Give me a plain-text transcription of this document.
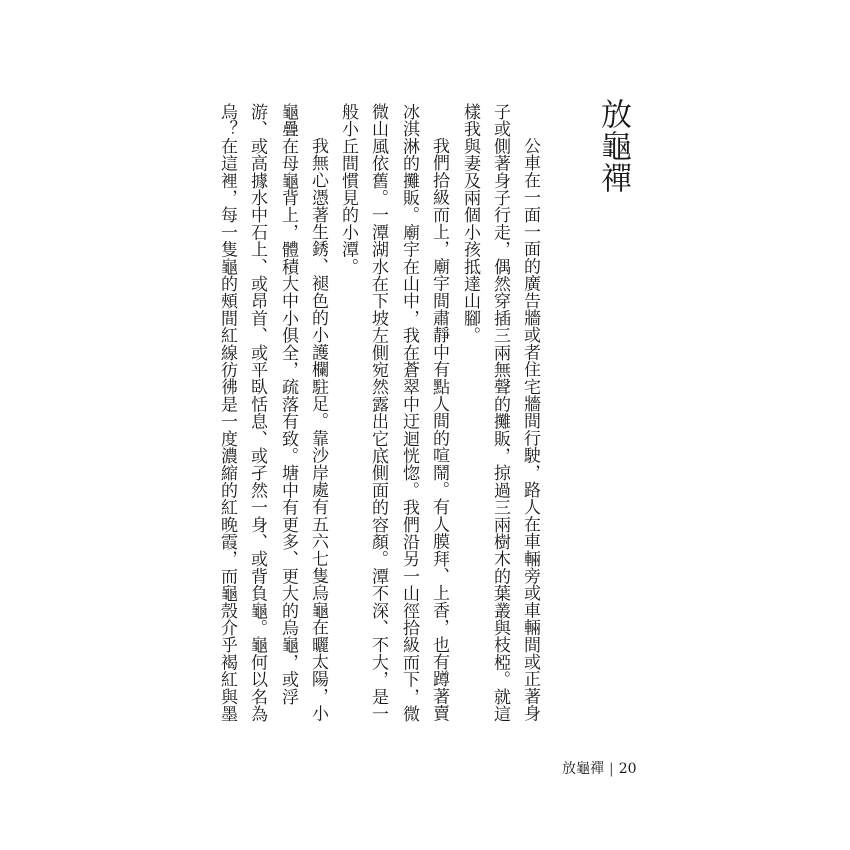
放龜禪
公車在一面一面的廣告牆或者住宅牆間行駛，路人在車輛旁或車輛間或正著身
子或側著身子行走，偶然穿插三兩無聲的攤販，掠過三兩樹木的葉叢與枝椏。就這
樣我與妻及兩個小孩抵達山腳。
我們拾級而上，廟宇間肅靜中有點人間的喧鬧。有人膜拜、上香，也有蹲著賣
冰淇淋的攤販。廟宇在山中，我在蒼翠中迂迴恍惚。我們沿另一山徑拾級而下，微
微山風依舊。一潭湖水在下坡左側宛然露出它底側面的容顏。潭不深、不大，是一
般小丘間慣見的小潭。
我無心憑著生銹、褪色的小護欄駐足。靠沙岸處有五六七隻烏龜在曬太陽，小
龜疊在母龜背上，體積大中小俱全，疏落有致。塘中有更多、更大的烏龜，或浮
游、或高據水中石上、或昂首、或平臥恬息、或孑然一身、或背負龜。龜何以名為
烏？在這裡，每一隻龜的頰間紅線彷彿是一度濃縮的紅晚霞，而龜殼介乎褐紅與墨
放龜禪 | 20
